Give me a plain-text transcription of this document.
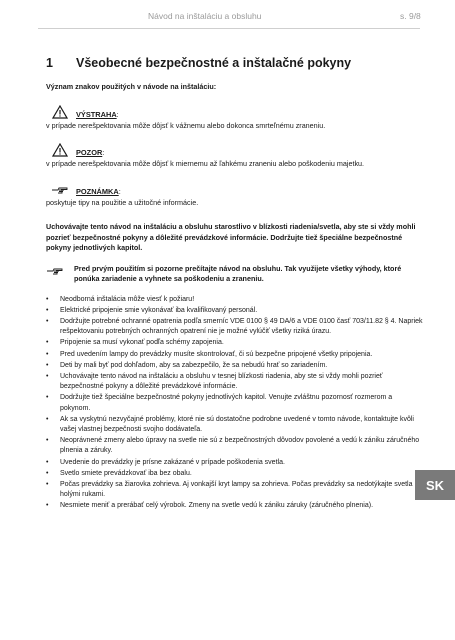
Návod na inštaláciu a obsluhu	s. 9/8
1	Všeobecné bezpečnostné a inštalačné pokyny

Význam znakov použitých v návode na inštaláciu:

VÝSTRAHA :

v prípade nerešpektovania môže dôjsť k vážnemu alebo dokonca smrteľnému zraneniu.

POZOR :

v prípade nerešpektovania môže dôjsť k miernemu až ľahkému zraneniu alebo poškodeniu majetku.

POZNÁMKA :

poskytuje tipy na použitie a užitočné informácie.

Uchovávajte tento návod na inštaláciu a obsluhu starostlivo v blízkosti riadenia/svetla, aby ste si vždy mohli pozrieť bezpečnostné pokyny a dôležité prevádzkové informácie. Dodržujte tiež špeciálne bezpečnostné pokyny jednotlivých kapitol.

Pred prvým použitím si pozorne prečítajte návod na obsluhu. Tak využijete všetky výhody, ktoré ponúka zariadenie a vyhnete sa poškodeniu a zraneniu.
• Neodborná inštalácia môže viesť k požiaru!
• Elektrické pripojenie smie vykonávať iba kvalifikovaný personál.
• Dodržujte potrebné ochranné opatrenia podľa smerníc VDE 0100 § 49 DA/6 a VDE 0100 časť 703/11.82 § 4. Napriek rešpektovaniu potrebných ochranných opatrení nie je možné vylúčiť všetky riziká úrazu.
• Pripojenie sa musí vykonať podľa schémy zapojenia.
• Pred uvedením lampy do prevádzky musíte skontrolovať, či sú bezpečne pripojené všetky pripojenia.
• Deti by mali byť pod dohľadom, aby sa zabezpečilo, že sa nebudú hrať so zariadením.
• Uchovávajte tento návod na inštaláciu a obsluhu v tesnej blízkosti riadenia, aby ste si vždy mohli pozrieť bezpečnostné pokyny a dôležité prevádzkové informácie.
• Dodržujte tiež špeciálne bezpečnostné pokyny jednotlivých kapitol. Venujte zvláštnu pozornosť rozmerom a pokynom.
• Ak sa vyskytnú nezvyčajné problémy, ktoré nie sú dostatočne podrobne uvedené v tomto návode, kontaktujte kvôli vašej vlastnej bezpečnosti svojho dodávateľa.
• Neoprávnené zmeny alebo úpravy na svetle nie sú z bezpečnostných dôvodov povolené a vedú k zániku záručného plnenia a záruky.
• Uvedenie do prevádzky je prísne zakázané v prípade poškodenia svetla.
• Svetlo smiete prevádzkovať iba bez obalu.
• Počas prevádzky sa žiarovka zohrieva. Aj vonkajší kryt lampy sa zohrieva. Počas prevádzky sa nedotýkajte svetla holými rukami.
• Nesmiete meniť a prerábať celý výrobok. Zmeny na svetle vedú k zániku záruky (záručného plnenia).
SK
